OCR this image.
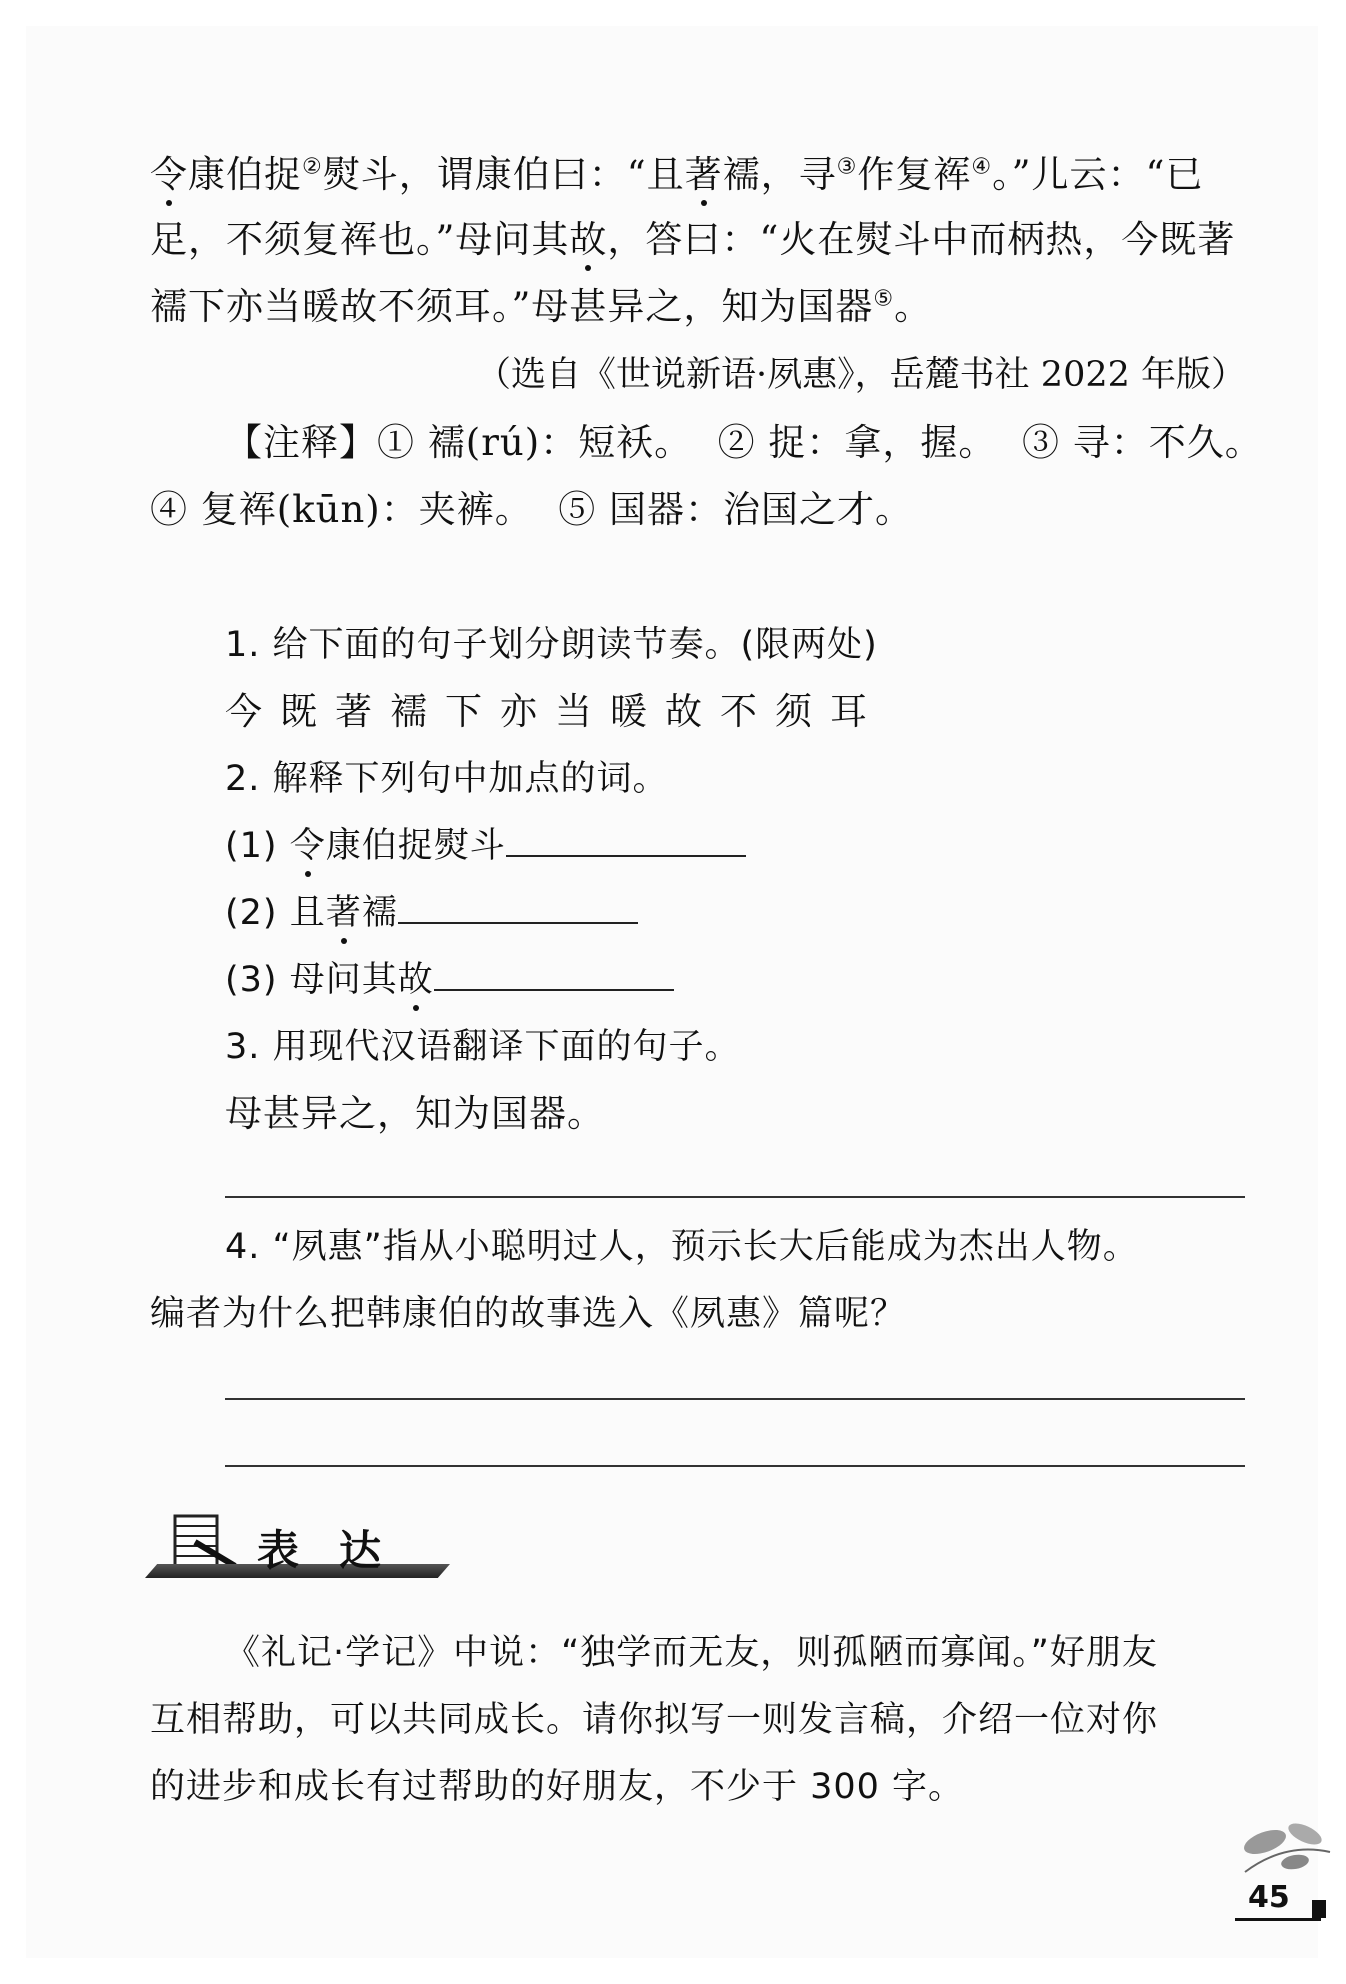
令康伯捉②熨斗，谓康伯曰：“且著襦，寻③作复裈④。”儿云：“已
足，不须复裈也。”母问其故，答曰：“火在熨斗中而柄热，今既著
襦下亦当暖故不须耳。”母甚异之，知为国器⑤。
（选自《世说新语·夙惠》，岳麓书社 2022 年版）
【注释】① 襦(rú)：短袄。  ② 捉：拿，握。  ③ 寻：不久。
④ 复裈(kūn)：夹裤。  ⑤ 国器：治国之才。
1. 给下面的句子划分朗读节奏。(限两处)
今既著襦下亦当暖故不须耳
2. 解释下列句中加点的词。
(1) 令康伯捉熨斗
(2) 且著襦
(3) 母问其故
3. 用现代汉语翻译下面的句子。
母甚异之，知为国器。
4. “夙惠”指从小聪明过人，预示长大后能成为杰出人物。
编者为什么把韩康伯的故事选入《夙惠》篇呢？
表达
《礼记·学记》中说：“独学而无友，则孤陋而寡闻。”好朋友
互相帮助，可以共同成长。请你拟写一则发言稿，介绍一位对你
的进步和成长有过帮助的好朋友，不少于 300 字。
45
